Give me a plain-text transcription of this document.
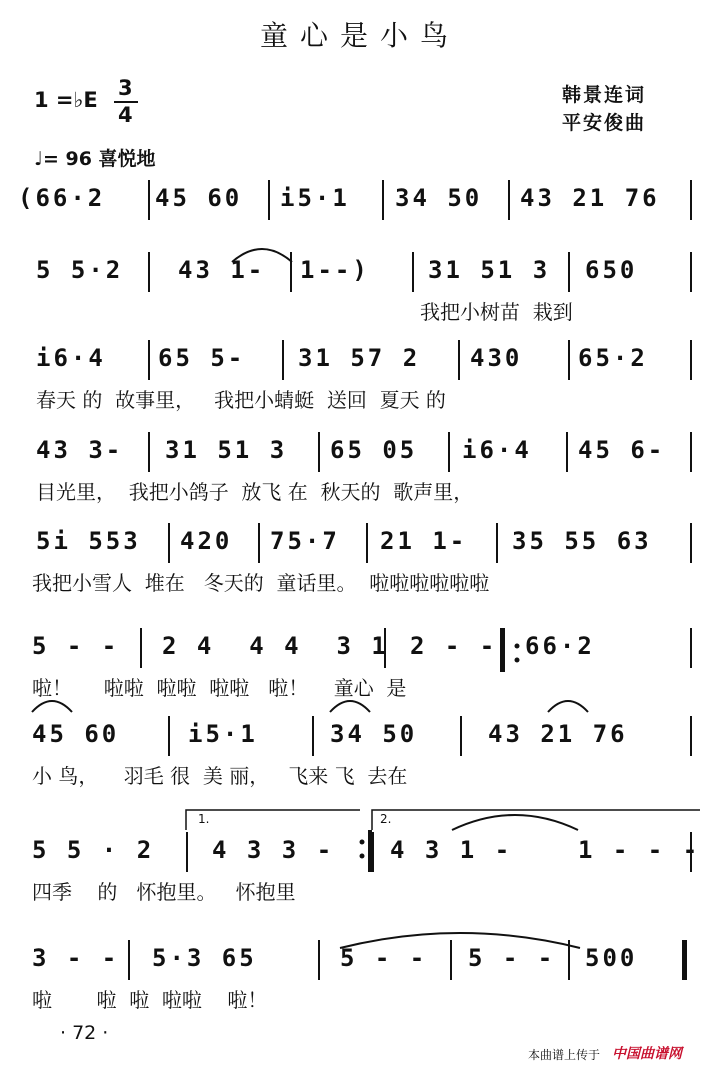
童心是小鸟
1 =♭E 3
4
♩= 96 喜悦地
韩景连词
平安俊曲
(66·2 45 60 i5·1 34 50 43 21 76
5 5·2 43 1- 1--) 31 51 3 650
我把小树苗  栽到
i6·4 65 5- 31 57 2 430 65·2
春天 的  故事里，   我把小蜻蜓  送回  夏天 的
43 3- 31 51 3 65 05 i6·4 45 6-
目光里，  我把小鸽子  放飞 在  秋天的  歌声里，
5i 553 420 75·7 21 1- 35 55 63
我把小雪人  堆在   冬天的  童话里。  啦啦啦啦啦啦
5 - - 2 4  4 4  3 1 2 - - 66·2
啦！     啦啦  啦啦  啦啦   啦！    童心  是
45 60	i5·1	34 50	43 21 76
小 鸟，    羽毛 很  美 丽，   飞来 飞  去在
5 5 · 2 4 3 3 - 4 3 1 -	1 - - -
四季    的   怀抱里。   怀抱里
3 - - 5·3 65	5 - - 5 - - 500
啦       啦  啦  啦啦    啦！
1.	2.
· 72 ·
本曲谱上传于 中国曲谱网
